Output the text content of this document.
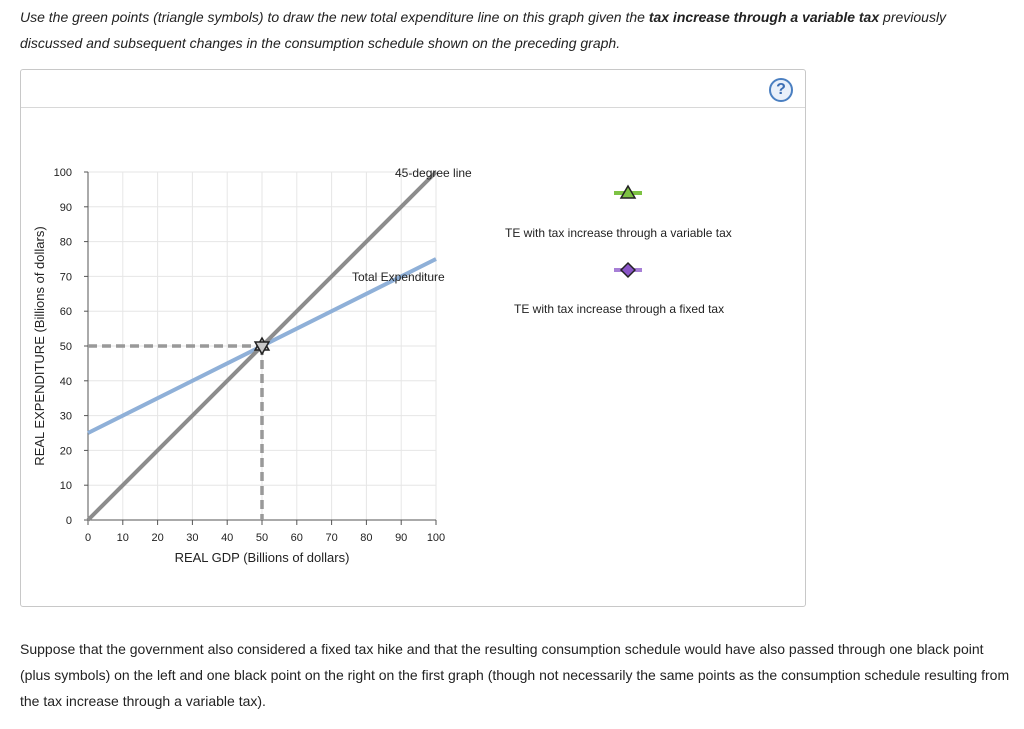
Use the green points (triangle symbols) to draw the new total expenditure line on this graph given the tax increase through a variable tax previously discussed and subsequent changes in the consumption schedule shown on the preceding graph.
?
0 10 20 30 40 50 60 70 80 90 100
0
10
20
30
40
50
60
70
80
90
100
REAL GDP (Billions of dollars)
REAL EXPENDITURE (Billions of dollars)
45-degree line
Total Expenditure
TE with tax increase through a variable tax
TE with tax increase through a fixed tax
Suppose that the government also considered a fixed tax hike and that the resulting consumption schedule would have also passed through one black point (plus symbols) on the left and one black point on the right on the first graph (though not necessarily the same points as the consumption schedule resulting from the tax increase through a variable tax).
